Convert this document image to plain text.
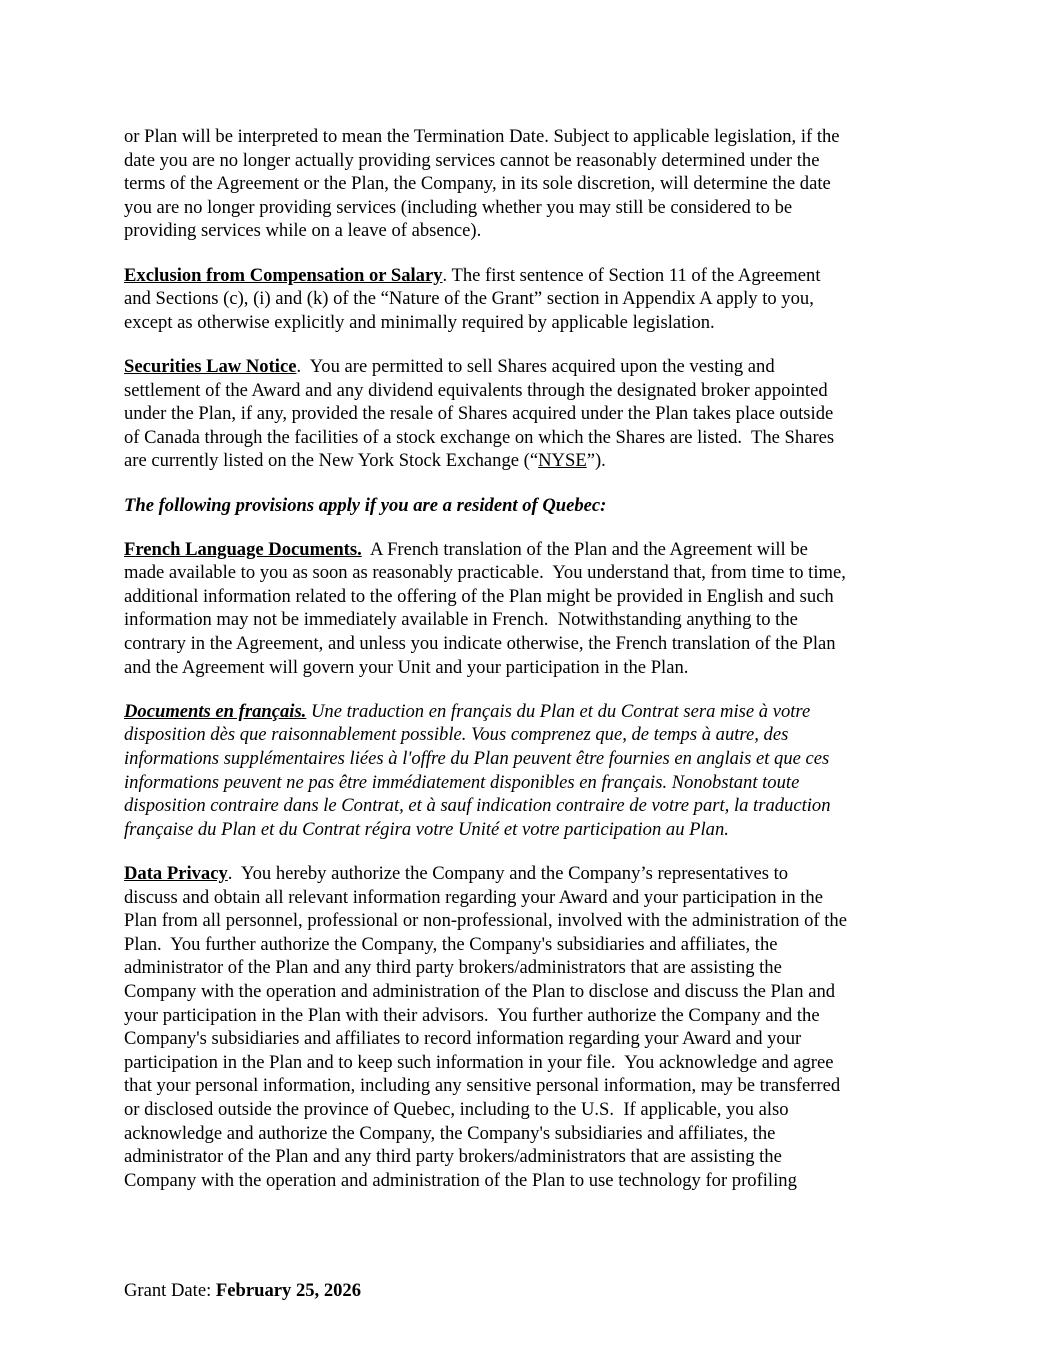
or Plan will be interpreted to mean the Termination Date. Subject to applicable legislation, if the
date you are no longer actually providing services cannot be reasonably determined under the
terms of the Agreement or the Plan, the Company, in its sole discretion, will determine the date
you are no longer providing services (including whether you may still be considered to be
providing services while on a leave of absence).
Exclusion from Compensation or Salary. The first sentence of Section 11 of the Agreement
and Sections (c), (i) and (k) of the “Nature of the Grant” section in Appendix A apply to you,
except as otherwise explicitly and minimally required by applicable legislation.
Securities Law Notice.  You are permitted to sell Shares acquired upon the vesting and
settlement of the Award and any dividend equivalents through the designated broker appointed
under the Plan, if any, provided the resale of Shares acquired under the Plan takes place outside
of Canada through the facilities of a stock exchange on which the Shares are listed.  The Shares
are currently listed on the New York Stock Exchange (“NYSE”).
The following provisions apply if you are a resident of Quebec:
French Language Documents.  A French translation of the Plan and the Agreement will be
made available to you as soon as reasonably practicable.  You understand that, from time to time,
additional information related to the offering of the Plan might be provided in English and such
information may not be immediately available in French.  Notwithstanding anything to the
contrary in the Agreement, and unless you indicate otherwise, the French translation of the Plan
and the Agreement will govern your Unit and your participation in the Plan.
Documents en français. Une traduction en français du Plan et du Contrat sera mise à votre
disposition dès que raisonnablement possible. Vous comprenez que, de temps à autre, des
informations supplémentaires liées à l'offre du Plan peuvent être fournies en anglais et que ces
informations peuvent ne pas être immédiatement disponibles en français. Nonobstant toute
disposition contraire dans le Contrat, et à sauf indication contraire de votre part, la traduction
française du Plan et du Contrat régira votre Unité et votre participation au Plan.
Data Privacy.  You hereby authorize the Company and the Company’s representatives to
discuss and obtain all relevant information regarding your Award and your participation in the
Plan from all personnel, professional or non-professional, involved with the administration of the
Plan.  You further authorize the Company, the Company's subsidiaries and affiliates, the
administrator of the Plan and any third party brokers/administrators that are assisting the
Company with the operation and administration of the Plan to disclose and discuss the Plan and
your participation in the Plan with their advisors.  You further authorize the Company and the
Company's subsidiaries and affiliates to record information regarding your Award and your
participation in the Plan and to keep such information in your file.  You acknowledge and agree
that your personal information, including any sensitive personal information, may be transferred
or disclosed outside the province of Quebec, including to the U.S.  If applicable, you also
acknowledge and authorize the Company, the Company's subsidiaries and affiliates, the
administrator of the Plan and any third party brokers/administrators that are assisting the
Company with the operation and administration of the Plan to use technology for profiling
Grant Date: February 25, 2026
